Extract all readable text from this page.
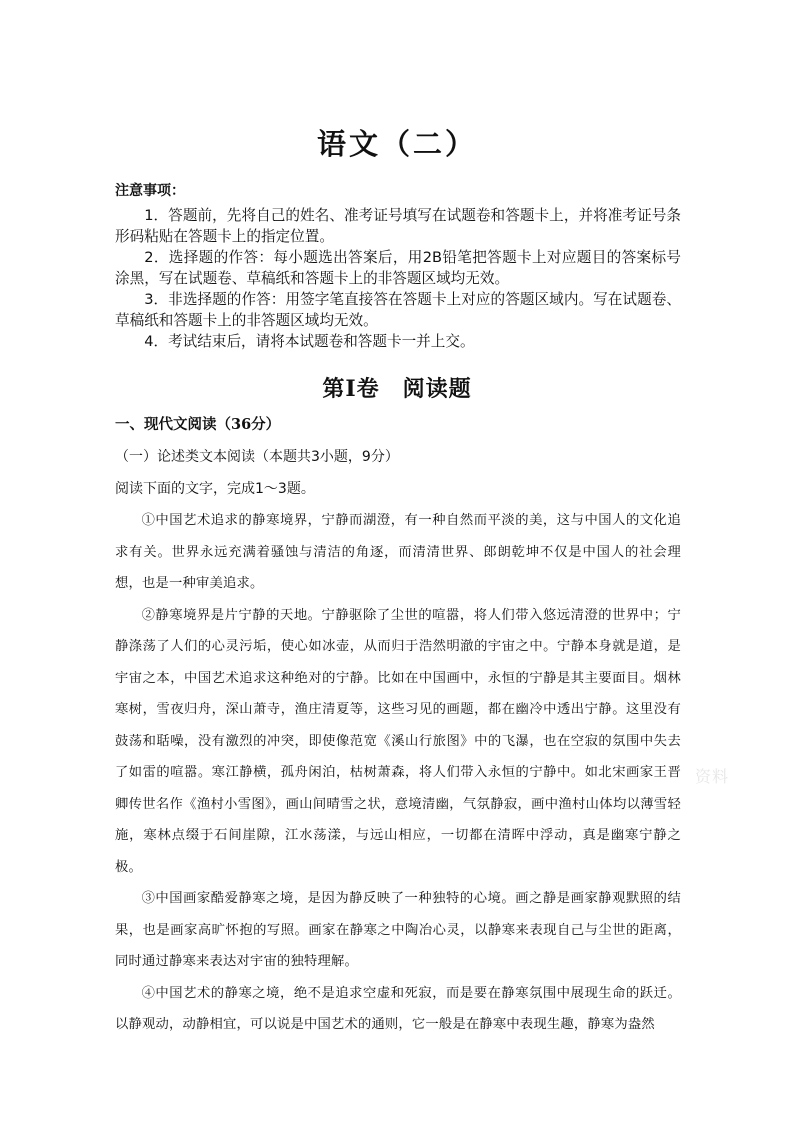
语文（二）
注意事项：

1．答题前，先将自己的姓名、准考证号填写在试题卷和答题卡上，并将准考证号条形码粘贴在答题卡上的指定位置。

2．选择题的作答：每小题选出答案后，用2B铅笔把答题卡上对应题目的答案标号涂黑，写在试题卷、草稿纸和答题卡上的非答题区域均无效。

3．非选择题的作答：用签字笔直接答在答题卡上对应的答题区域内。写在试题卷、草稿纸和答题卡上的非答题区域均无效。

4．考试结束后，请将本试题卷和答题卡一并上交。

第Ⅰ卷　阅读题
一、现代文阅读（36分）
（一）论述类文本阅读（本题共3小题，9分）
阅读下面的文字，完成1～3题。

①中国艺术追求的静寒境界，宁静而湖澄，有一种自然而平淡的美，这与中国人的文化追求有关。世界永远充满着骚蚀与清洁的角逐，而清清世界、郎朗乾坤不仅是中国人的社会理想，也是一种审美追求。

②静寒境界是片宁静的天地。宁静驱除了尘世的喧嚣，将人们带入悠远清澄的世界中；宁静涤荡了人们的心灵污垢，使心如冰壶，从而归于浩然明澈的宇宙之中。宁静本身就是道，是宇宙之本，中国艺术追求这种绝对的宁静。比如在中国画中，永恒的宁静是其主要面目。烟林寒树，雪夜归舟，深山萧寺，渔庄清夏等，这些习见的画题，都在幽冷中透出宁静。这里没有鼓荡和聒噪，没有激烈的冲突，即使像范宽《溪山行旅图》中的飞瀑，也在空寂的氛围中失去了如雷的喧嚣。寒江静横，孤舟闲泊，枯树萧森，将人们带入永恒的宁静中。如北宋画家王晋卿传世名作《渔村小雪图》，画山间晴雪之状，意境清幽，气氛静寂，画中渔村山体均以薄雪轻施，寒林点缀于石间崖隙，江水荡漾，与远山相应，一切都在清晖中浮动，真是幽寒宁静之极。

③中国画家酷爱静寒之境，是因为静反映了一种独特的心境。画之静是画家静观默照的结果，也是画家高旷怀抱的写照。画家在静寒之中陶冶心灵，以静寒来表现自己与尘世的距离，同时通过静寒来表达对宇宙的独特理解。

④中国艺术的静寒之境，绝不是追求空虚和死寂，而是要在静寒氛围中展现生命的跃迁。以静观动，动静相宜，可以说是中国艺术的通则，它一般是在静寒中表现生趣，静寒为盎然

资料
